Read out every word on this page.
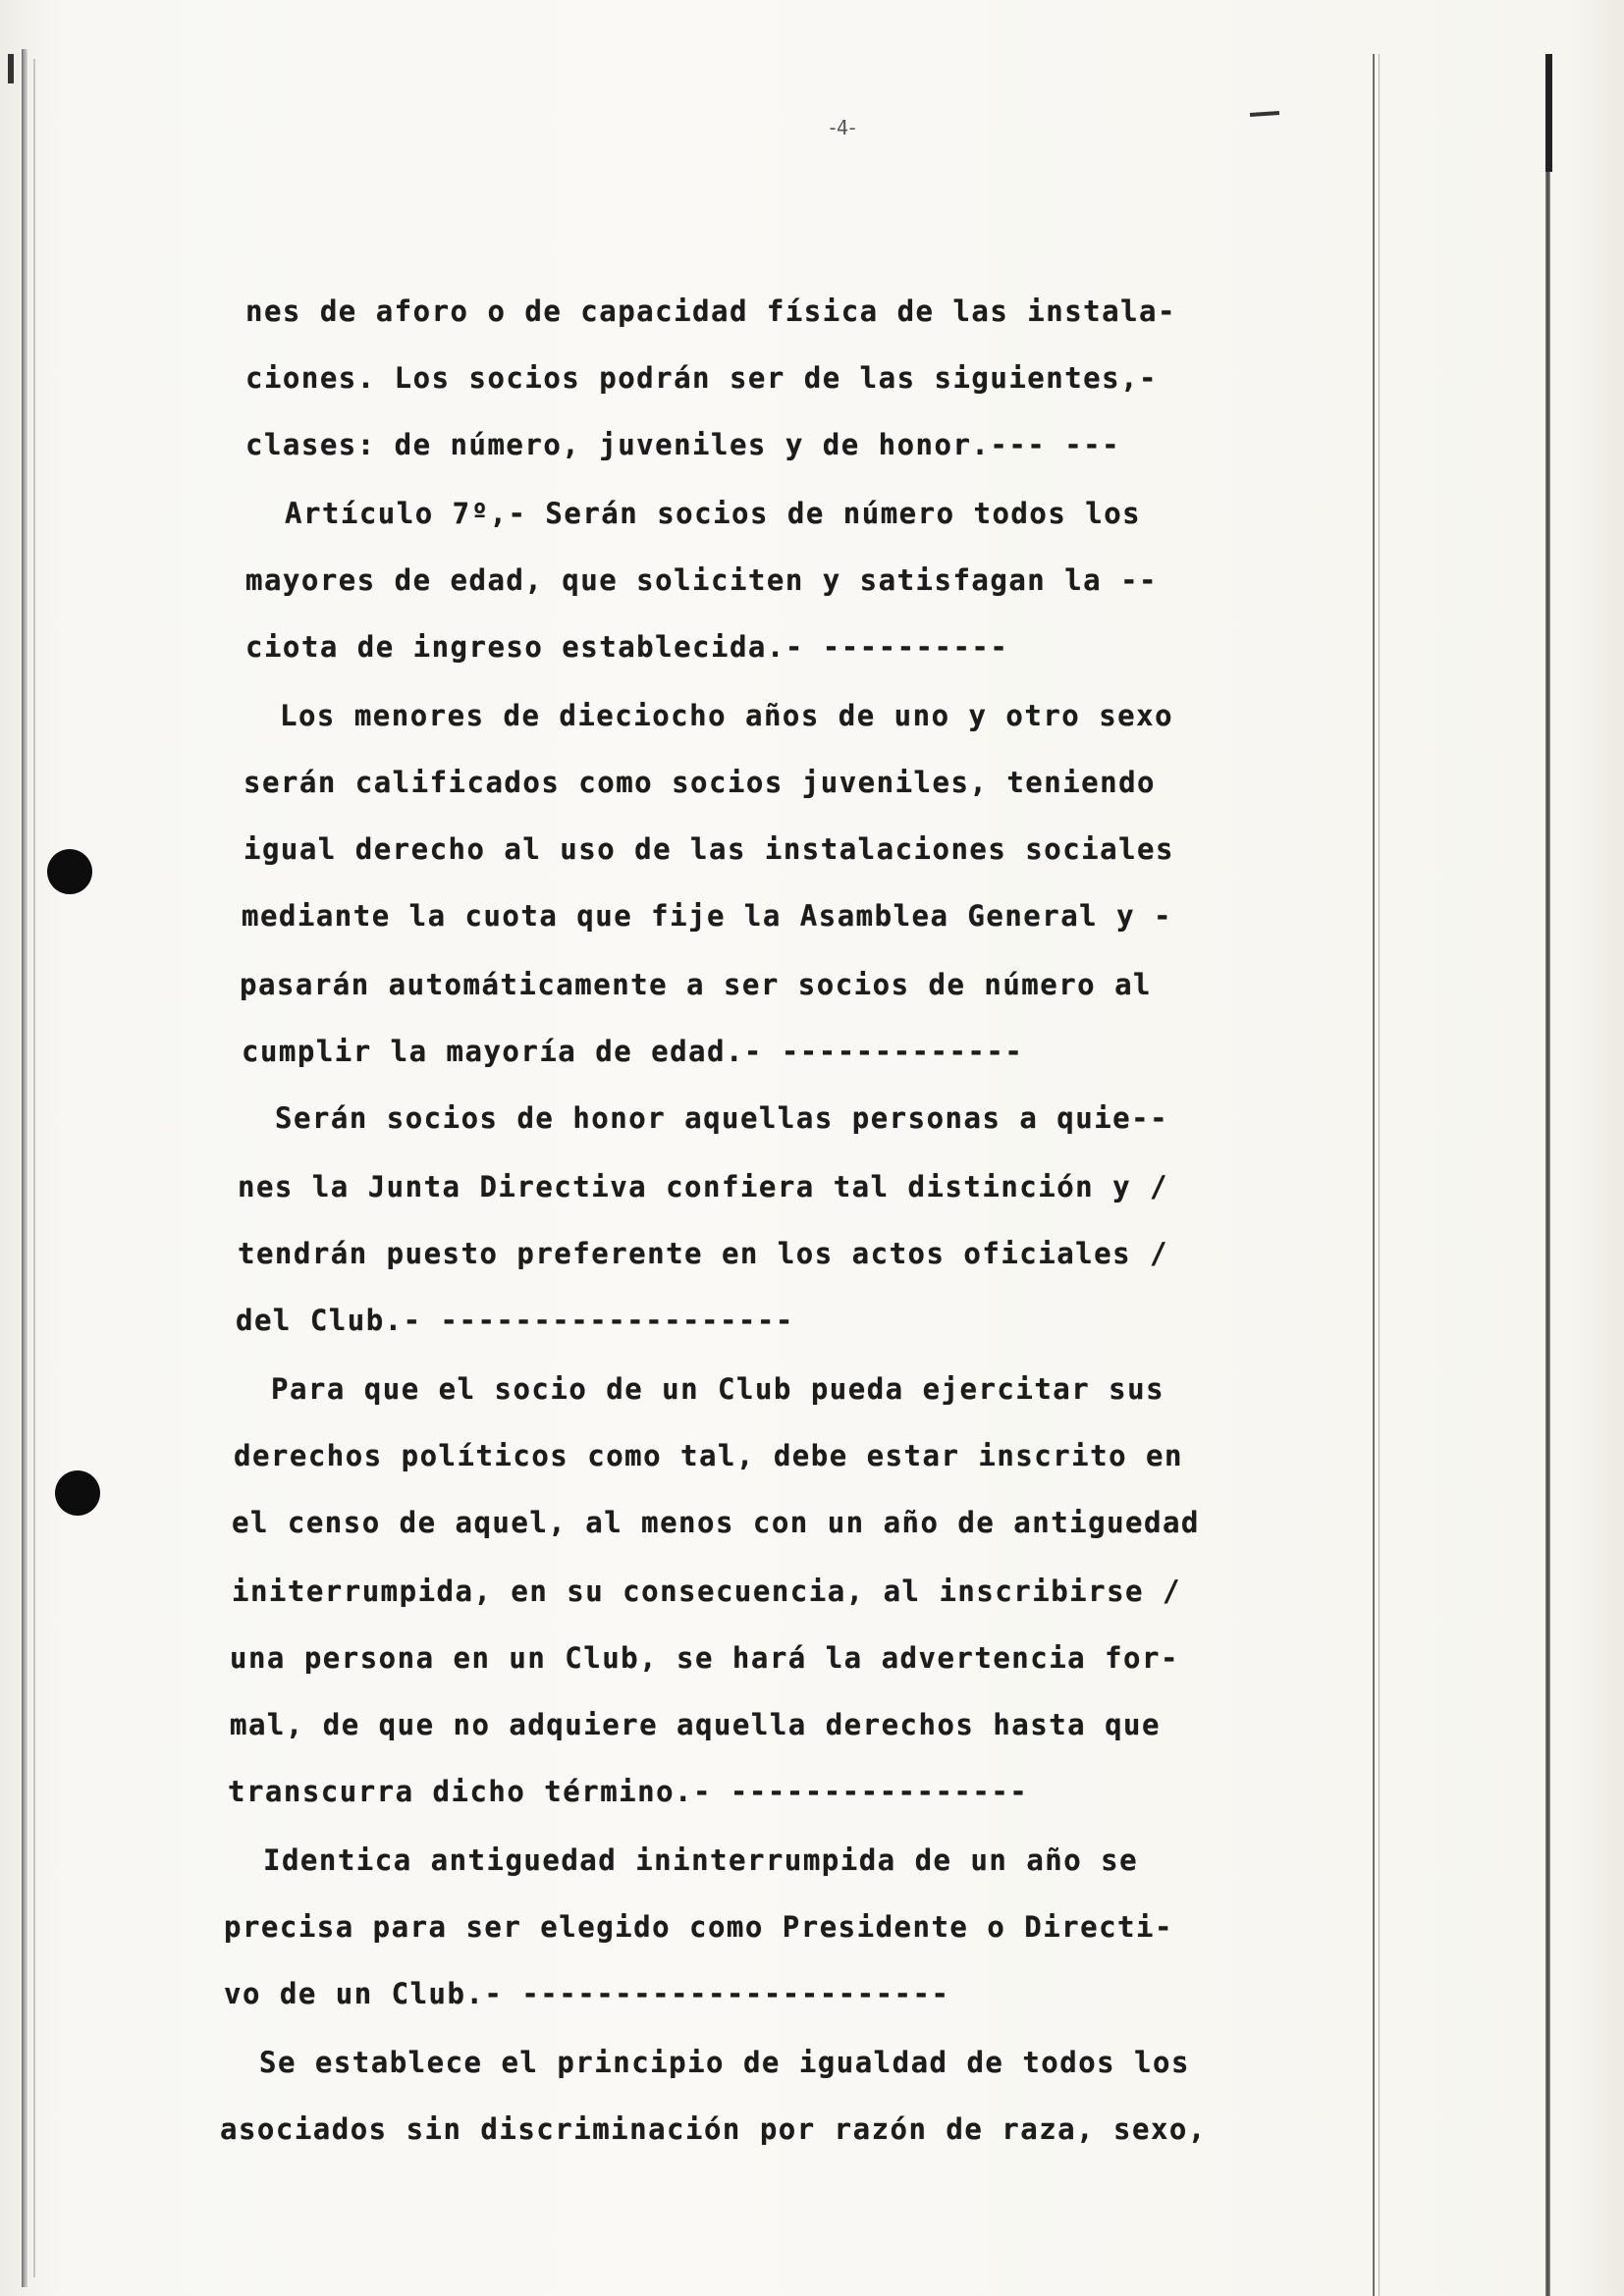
-4-
nes de aforo o de capacidad física de las instala-
ciones. Los socios podrán ser de las siguientes,-
clases: de número, juveniles y de honor.--- ---
Artículo 7º,- Serán socios de número todos los
mayores de edad, que soliciten y satisfagan la --
ciota de ingreso establecida.- ----------
Los menores de dieciocho años de uno y otro sexo
serán calificados como socios juveniles, teniendo
igual derecho al uso de las instalaciones sociales
mediante la cuota que fije la Asamblea General y -
pasarán automáticamente a ser socios de número al
cumplir la mayoría de edad.- -------------
Serán socios de honor aquellas personas a quie--
nes la Junta Directiva confiera tal distinción y /
tendrán puesto preferente en los actos oficiales /
del Club.- -------------------
Para que el socio de un Club pueda ejercitar sus
derechos políticos como tal, debe estar inscrito en
el censo de aquel, al menos con un año de antiguedad
initerrumpida, en su consecuencia, al inscribirse /
una persona en un Club, se hará la advertencia for-
mal, de que no adquiere aquella derechos hasta que
transcurra dicho término.- ----------------
Identica antiguedad ininterrumpida de un año se
precisa para ser elegido como Presidente o Directi-
vo de un Club.- -----------------------
Se establece el principio de igualdad de todos los
asociados sin discriminación por razón de raza, sexo,
